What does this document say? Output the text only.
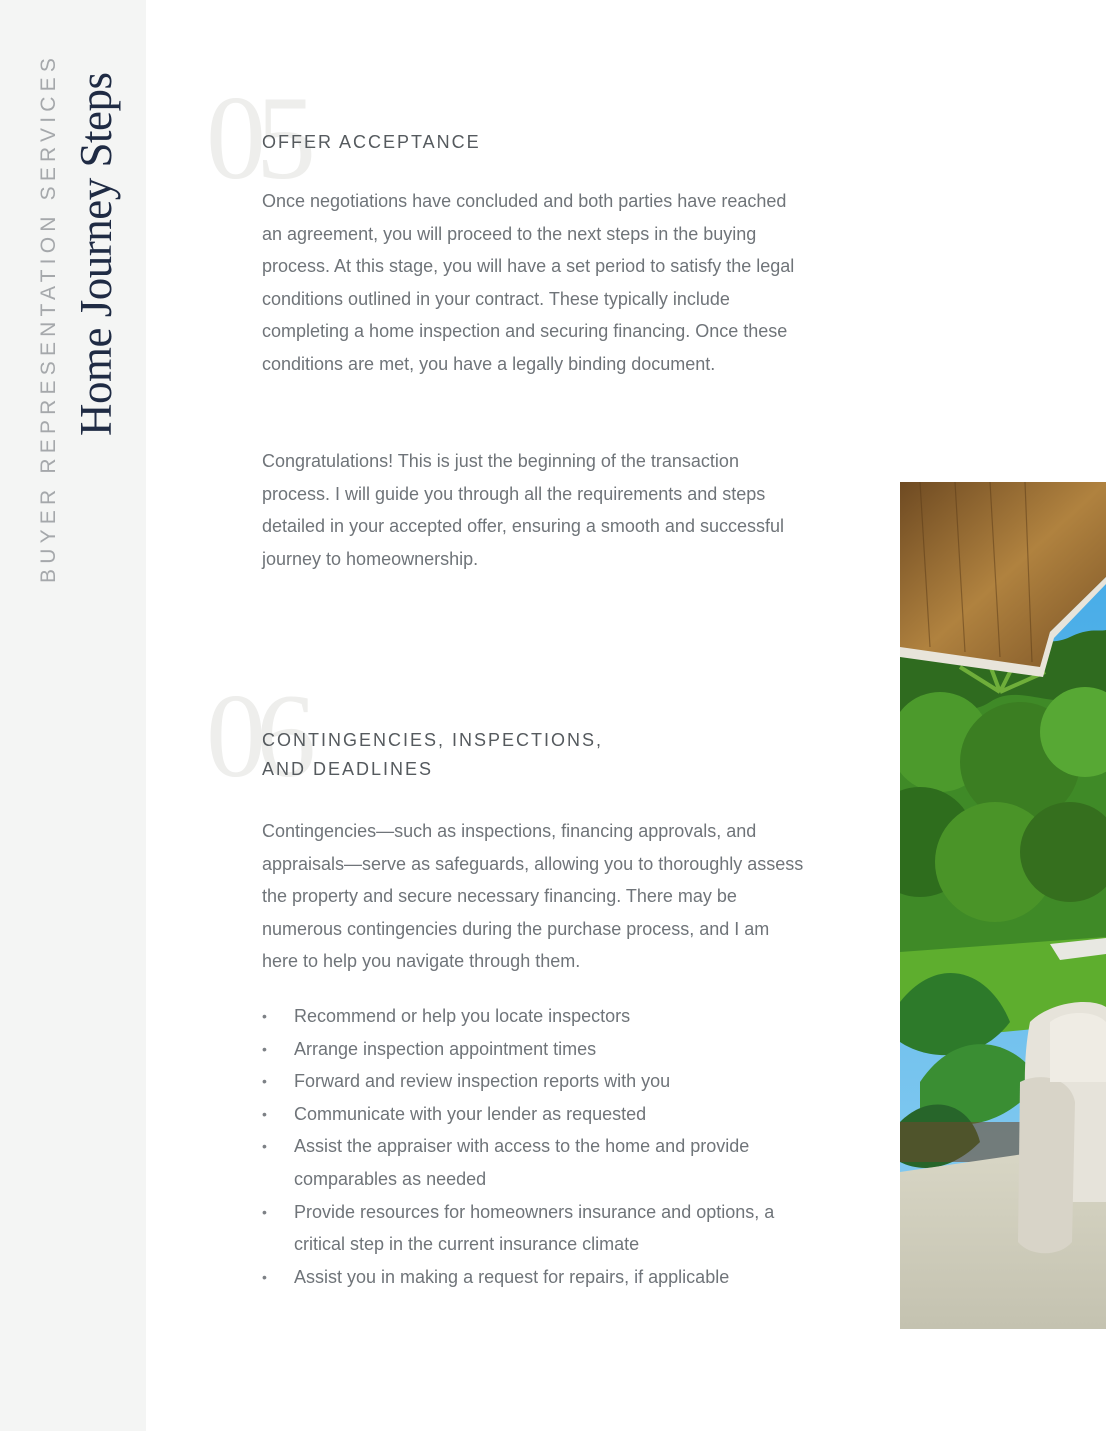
BUYER REPRESENTATION SERVICES Home Journey Steps 05
OFFER ACCEPTANCE

Once negotiations have concluded and both parties have reached an agreement, you will proceed to the next steps in the buying process. At this stage, you will have a set period to satisfy the legal conditions outlined in your contract. These typically include completing a home inspection and securing financing. Once these conditions are met, you have a legally binding document.

Congratulations! This is just the beginning of the transaction process. I will guide you through all the requirements and steps detailed in your accepted offer, ensuring a smooth and successful journey to homeownership.

06
CONTINGENCIES, INSPECTIONS,
AND DEADLINES

Contingencies—such as inspections, financing approvals, and appraisals—serve as safeguards, allowing you to thoroughly assess the property and secure necessary financing. There may be numerous contingencies during the purchase process, and I am here to help you navigate through them.

• Recommend or help you locate inspectors
• Arrange inspection appointment times
• Forward and review inspection reports with you
• Communicate with your lender as requested
• Assist the appraiser with access to the home and provide comparables as needed
• Provide resources for homeowners insurance and options, a critical step in the current insurance climate
• Assist you in making a request for repairs, if applicable
